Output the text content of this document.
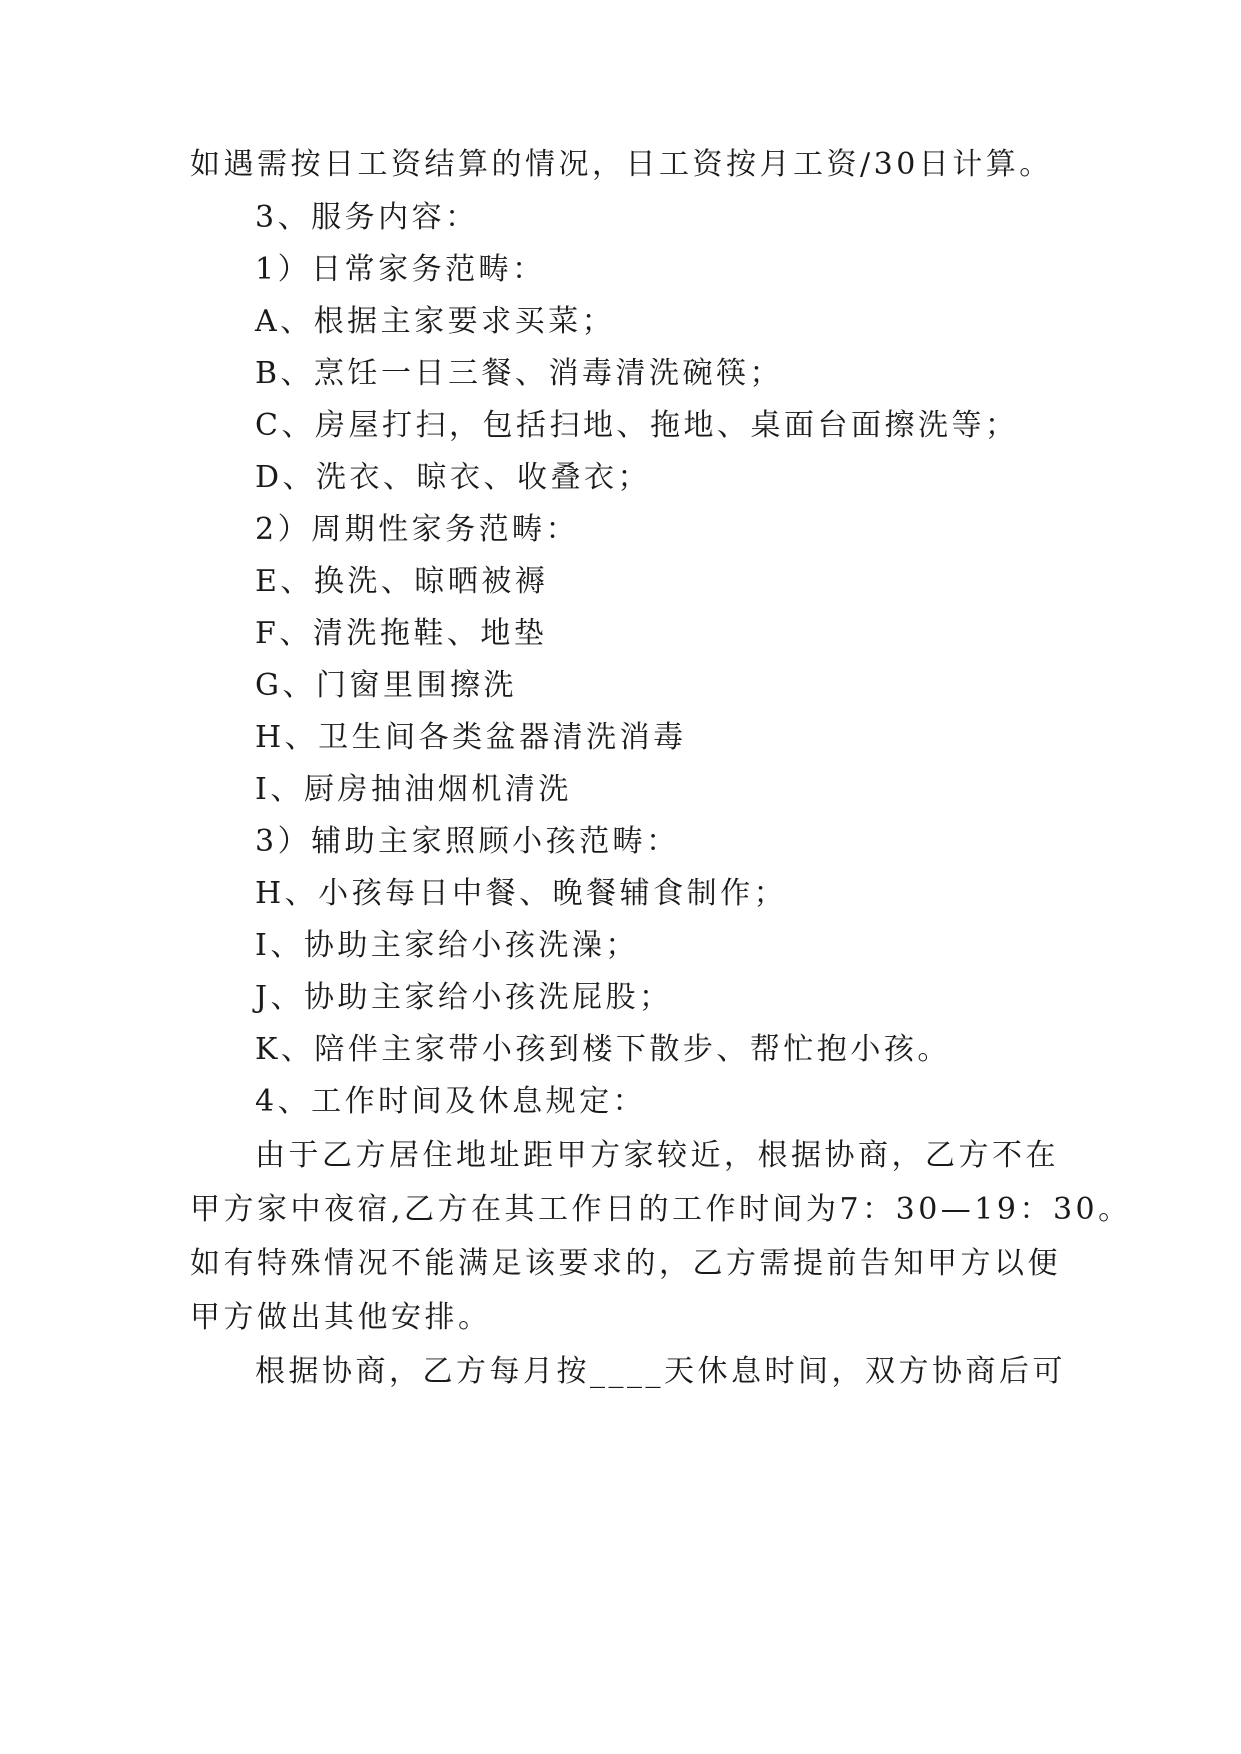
如遇需按日工资结算的情况，日工资按月工资/30日计算。
3、服务内容：
1）日常家务范畴：
A、根据主家要求买菜；
B、烹饪一日三餐、消毒清洗碗筷；
C、房屋打扫，包括扫地、拖地、桌面台面擦洗等；
D、洗衣、晾衣、收叠衣；
2）周期性家务范畴：
E、换洗、晾晒被褥
F、清洗拖鞋、地垫
G、门窗里围擦洗
H、卫生间各类盆器清洗消毒
I、厨房抽油烟机清洗
3）辅助主家照顾小孩范畴：
H、小孩每日中餐、晚餐辅食制作；
I、协助主家给小孩洗澡；
J、协助主家给小孩洗屁股；
K、陪伴主家带小孩到楼下散步、帮忙抱小孩。
4、工作时间及休息规定：
由于乙方居住地址距甲方家较近，根据协商，乙方不在
甲方家中夜宿,乙方在其工作日的工作时间为7：30—19：30。
如有特殊情况不能满足该要求的，乙方需提前告知甲方以便
甲方做出其他安排。
根据协商，乙方每月按____天休息时间，双方协商后可
